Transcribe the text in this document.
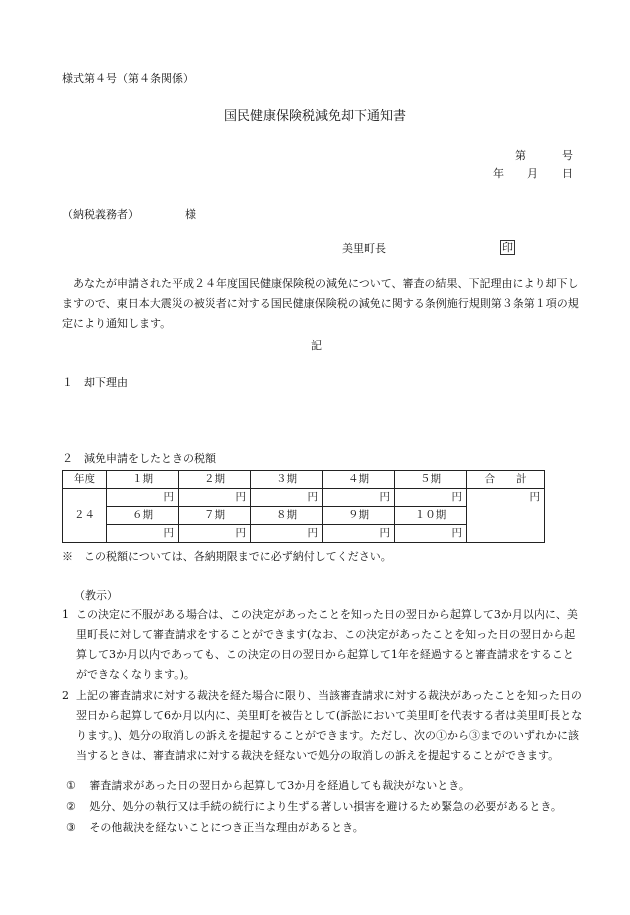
様式第４号（第４条関係）
国民健康保険税減免却下通知書
第	号
年 月 日
（納税義務者）	様
美里町長	印
　あなたが申請された平成２４年度国民健康保険税の減免について、審査の結果、下記理由により却下しますので、東日本大震災の被災者に対する国民健康保険税の減免に関する条例施行規則第３条第１項の規定により通知します。
記
１ 却下理由
２ 減免申請をしたときの税額
年度	１期	２期	３期	４期	５期	合　　計
２４	円	円	円	円	円	円
	６期	７期	８期	９期	１０期	
	円	円	円	円	円	
※　この税額については、各納期限までに必ず納付してください。
（教示）
1 この決定に不服がある場合は、この決定があったことを知った日の翌日から起算して3か月以内に、美里町長に対して審査請求をすることができます(なお、この決定があったことを知った日の翌日から起算して3か月以内であっても、この決定の日の翌日から起算して1年を経過すると審査請求をすることができなくなります。)。
2 上記の審査請求に対する裁決を経た場合に限り、当該審査請求に対する裁決があったことを知った日の翌日から起算して6か月以内に、美里町を被告として(訴訟において美里町を代表する者は美里町長となります。)、処分の取消しの訴えを提起することができます。ただし、次の①から③までのいずれかに該当するときは、審査請求に対する裁決を経ないで処分の取消しの訴えを提起することができます。
① 審査請求があった日の翌日から起算して3か月を経過しても裁決がないとき。
② 処分、処分の執行又は手続の続行により生ずる著しい損害を避けるため緊急の必要があるとき。
③ その他裁決を経ないことにつき正当な理由があるとき。
